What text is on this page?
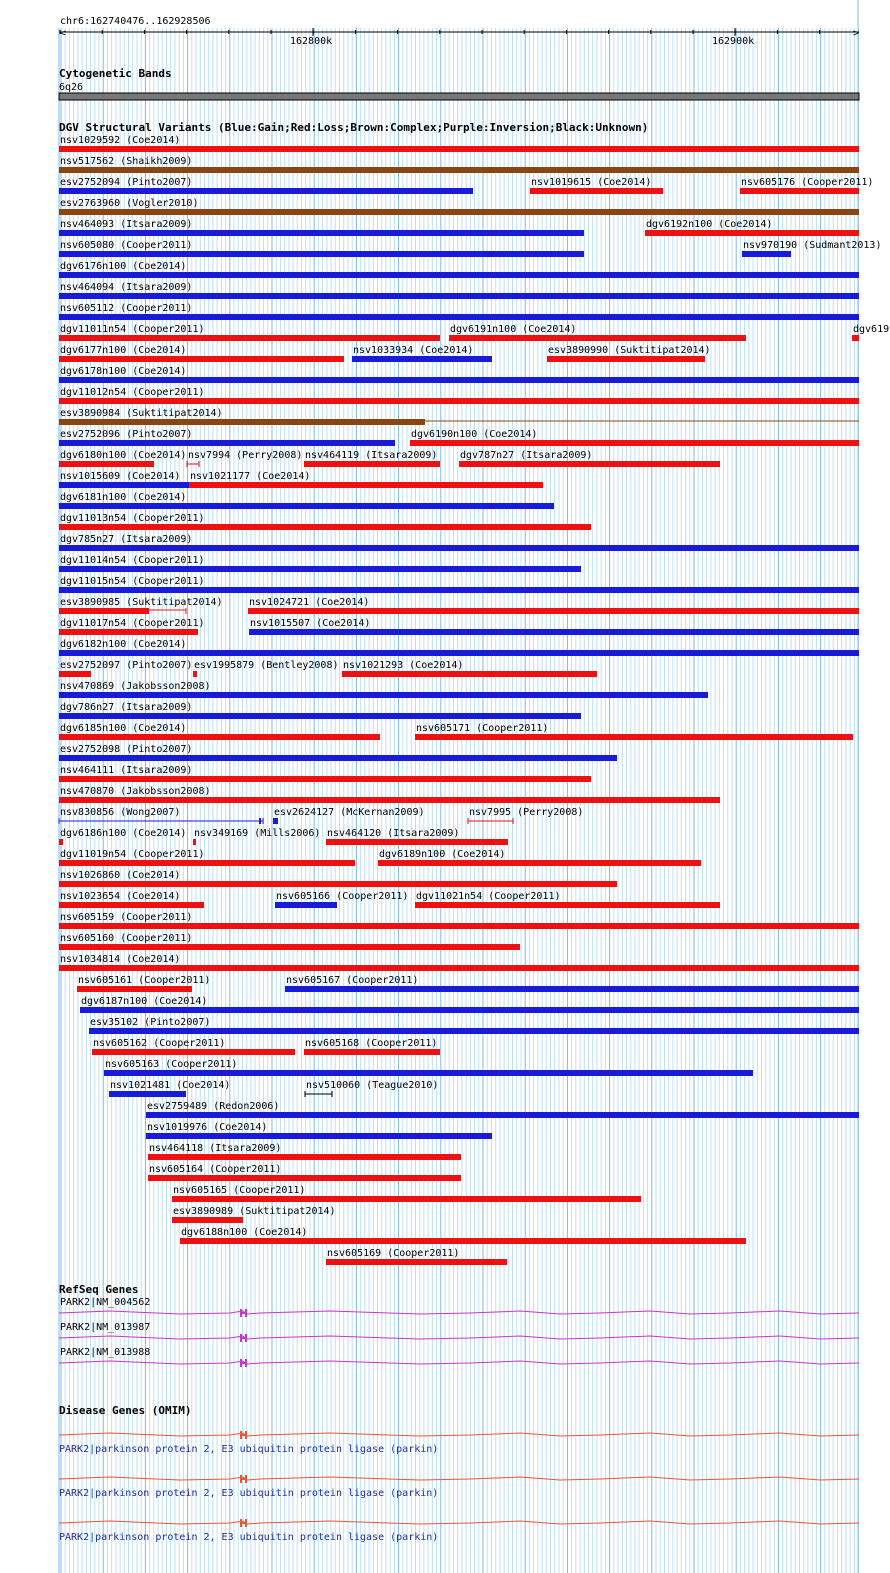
chr6:162740476..162928506
<	>
162800k	162900k
Cytogenetic Bands
6q26
DGV Structural Variants (Blue:Gain;Red:Loss;Brown:Complex;Purple:Inversion;Black:Unknown)
nsv1029592 (Coe2014)
nsv517562 (Shaikh2009)
esv2752094 (Pinto2007)	nsv1019615 (Coe2014)	nsv605176 (Cooper2011)
esv2763960 (Vogler2010)
nsv464093 (Itsara2009)	dgv6192n100 (Coe2014)
nsv605080 (Cooper2011)	nsv970190 (Sudmant2013)
dgv6176n100 (Coe2014)
nsv464094 (Itsara2009)
nsv605112 (Cooper2011)
dgv11011n54 (Cooper2011)	dgv6191n100 (Coe2014)	dgv619
dgv6177n100 (Coe2014)	nsv1033934 (Coe2014)	esv3890990 (Suktitipat2014)
dgv6178n100 (Coe2014)
dgv11012n54 (Cooper2011)
esv3890984 (Suktitipat2014)
esv2752096 (Pinto2007)	dgv6190n100 (Coe2014)
dgv6180n100 (Coe2014) nsv7994 (Perry2008) nsv464119 (Itsara2009) dgv787n27 (Itsara2009)
nsv1015609 (Coe2014) nsv1021177 (Coe2014)
dgv6181n100 (Coe2014)
dgv11013n54 (Cooper2011)
dgv785n27 (Itsara2009)
dgv11014n54 (Cooper2011)
dgv11015n54 (Cooper2011)
esv3890985 (Suktitipat2014)	nsv1024721 (Coe2014)
dgv11017n54 (Cooper2011)	nsv1015507 (Coe2014)
dgv6182n100 (Coe2014)
esv2752097 (Pinto2007) esv1995879 (Bentley2008) nsv1021293 (Coe2014)
nsv470869 (Jakobsson2008)
dgv786n27 (Itsara2009)
dgv6185n100 (Coe2014)	nsv605171 (Cooper2011)
esv2752098 (Pinto2007)
nsv464111 (Itsara2009)
nsv470870 (Jakobsson2008)
nsv830856 (Wong2007)	esv2624127 (McKernan2009)	nsv7995 (Perry2008)
dgv6186n100 (Coe2014) nsv349169 (Mills2006) nsv464120 (Itsara2009)
dgv11019n54 (Cooper2011)	dgv6189n100 (Coe2014)
nsv1026860 (Coe2014)
nsv1023654 (Coe2014)	nsv605166 (Cooper2011) dgv11021n54 (Cooper2011)
nsv605159 (Cooper2011)
nsv605160 (Cooper2011)
nsv1034814 (Coe2014)
nsv605161 (Cooper2011)	nsv605167 (Cooper2011)
dgv6187n100 (Coe2014)
esv35102 (Pinto2007)
nsv605162 (Cooper2011)	nsv605168 (Cooper2011)
nsv605163 (Cooper2011)
nsv1021481 (Coe2014)	nsv510060 (Teague2010)
esv2759489 (Redon2006)
nsv1019976 (Coe2014)
nsv464118 (Itsara2009)
nsv605164 (Cooper2011)
nsv605165 (Cooper2011)
esv3890989 (Suktitipat2014)
dgv6188n100 (Coe2014)
nsv605169 (Cooper2011)
RefSeq Genes
PARK2|NM_004562
PARK2|NM_013987
PARK2|NM_013988
Disease Genes (OMIM)
PARK2|parkinson protein 2, E3 ubiquitin protein ligase (parkin)
PARK2|parkinson protein 2, E3 ubiquitin protein ligase (parkin)
PARK2|parkinson protein 2, E3 ubiquitin protein ligase (parkin)
